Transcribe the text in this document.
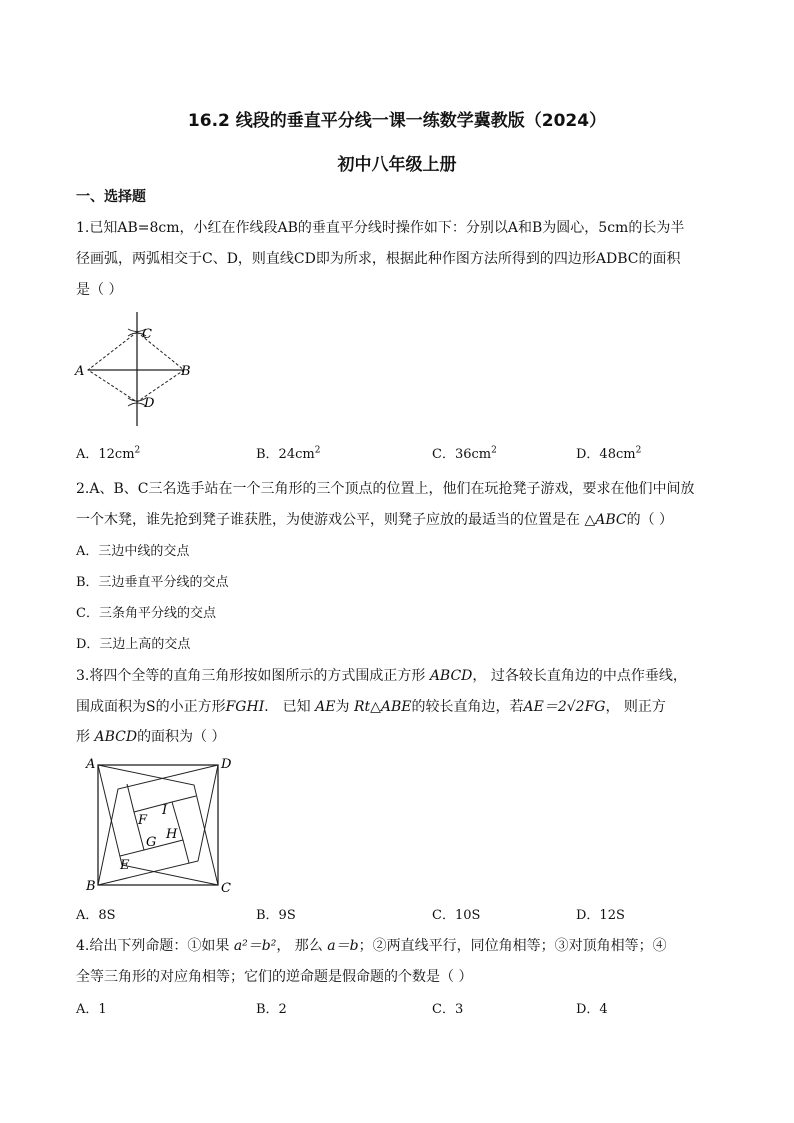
16.2 线段的垂直平分线一课一练数学冀教版（2024）
初中八年级上册
一、选择题
1.已知AB=8cm，小红在作线段AB的垂直平分线时操作如下：分别以A和B为圆心，5cm的长为半
径画弧，两弧相交于C、D，则直线CD即为所求，根据此种作图方法所得到的四边形ADBC的面积
是（ ）
C
A	B
D
A．$12cm^2$	B．$24cm^2$	C．$36cm^2$	D．$48cm^2$
2.A、B、C三名选手站在一个三角形的三个顶点的位置上，他们在玩抢凳子游戏，要求在他们中间放
一个木凳，谁先抢到凳子谁获胜，为使游戏公平，则凳子应放的最适当的位置是在 △ABC的（ ）
A．三边中线的交点
B．三边垂直平分线的交点
C．三条角平分线的交点
D．三边上高的交点
3.将四个全等的直角三角形按如图所示的方式围成正方形 ABCD， 过各较长直角边的中点作垂线，
围成面积为S的小正方形FGHI． 已知 AE为 Rt△ABE的较长直角边，若AE＝2√2FG， 则正方
形 ABCD的面积为（ ）
A	D
B	C
E
F
G
H
I
A．8S	B．9S	C．10S	D．12S
4.给出下列命题：①如果 a²＝b²， 那么 a＝b；②两直线平行，同位角相等；③对顶角相等；④
全等三角形的对应角相等；它们的逆命题是假命题的个数是（ ）
A．1	B．2	C．3	D．4
